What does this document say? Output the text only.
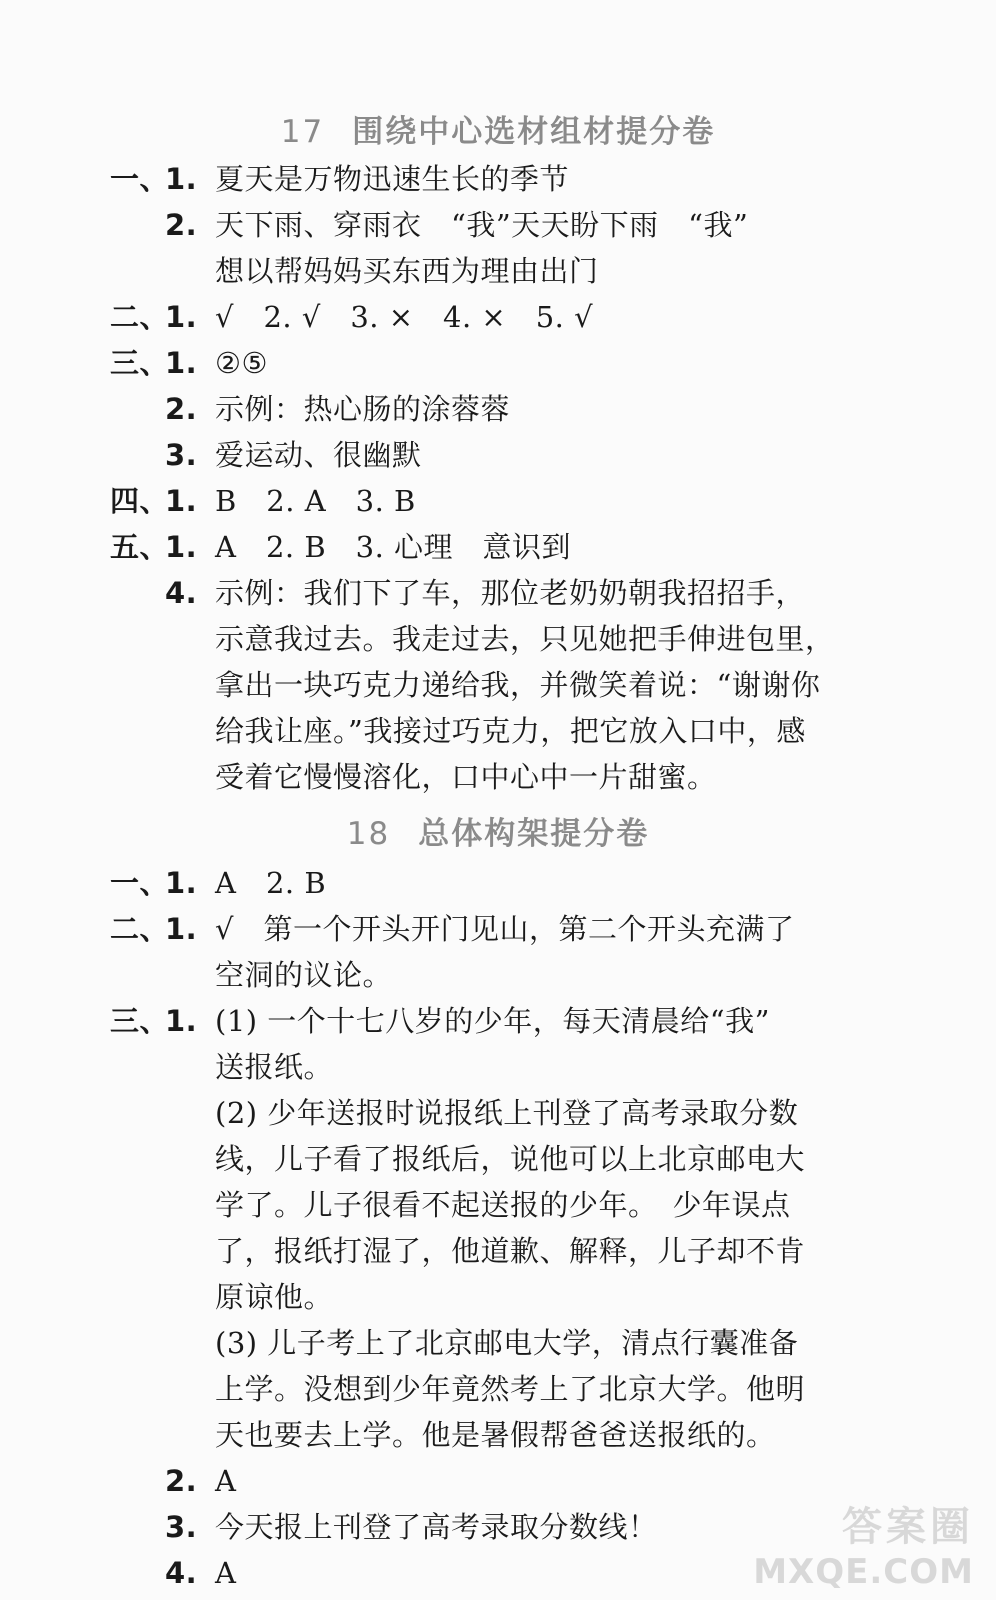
17 围绕中心选材组材提分卷
一、
1. 夏天是万物迅速生长的季节
2. 天下雨、穿雨衣　“我”天天盼下雨　“我”
想以帮妈妈买东西为理由出门
二、
1. √　2. √　3. ×　4. ×　5. √
三、
1. ②⑤
2. 示例：热心肠的涂蓉蓉
3. 爱运动、很幽默
四、
1. B　2. A　3. B
五、
1. A　2. B　3. 心理　意识到
4. 示例：我们下了车，那位老奶奶朝我招招手，
示意我过去。我走过去，只见她把手伸进包里，
拿出一块巧克力递给我，并微笑着说：“谢谢你
给我让座。”我接过巧克力，把它放入口中，感
受着它慢慢溶化，口中心中一片甜蜜。
18 总体构架提分卷
一、
1. A　2. B
二、
1. √　第一个开头开门见山，第二个开头充满了
空洞的议论。
三、
1. (1) 一个十七八岁的少年，每天清晨给“我”
送报纸。
(2) 少年送报时说报纸上刊登了高考录取分数
线，儿子看了报纸后，说他可以上北京邮电大
学了。儿子很看不起送报的少年。　少年误点
了，报纸打湿了，他道歉、解释，儿子却不肯
原谅他。
(3) 儿子考上了北京邮电大学，清点行囊准备
上学。没想到少年竟然考上了北京大学。他明
天也要去上学。他是暑假帮爸爸送报纸的。
2. A
3. 今天报上刊登了高考录取分数线！
4. A
答案圈
MXQE.COM
